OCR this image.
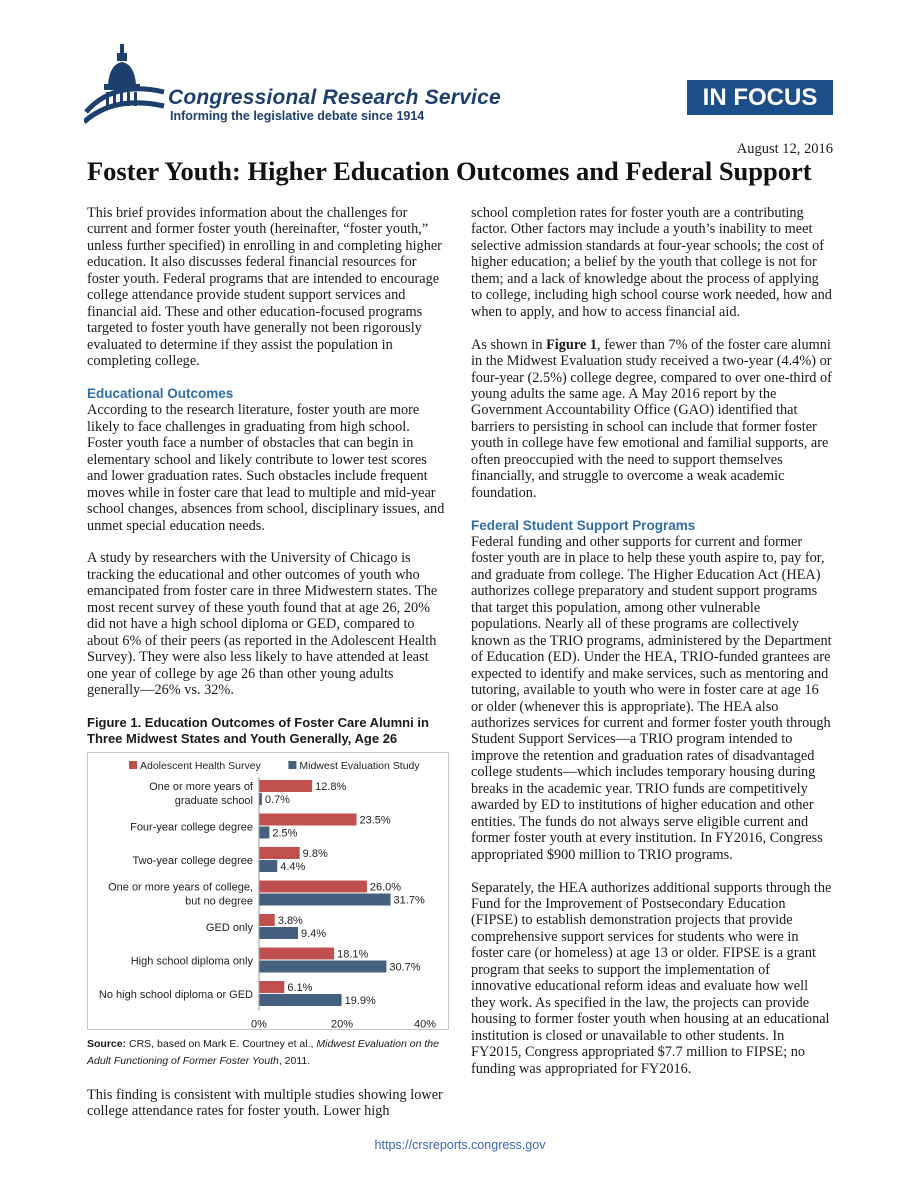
Congressional Research Service
Informing the legislative debate since 1914
IN FOCUS
August 12, 2016
Foster Youth: Higher Education Outcomes and Federal Support

This brief provides information about the challenges for current and former foster youth (hereinafter, “foster youth,” unless further specified) in enrolling in and completing higher education. It also discusses federal financial resources for foster youth. Federal programs that are intended to encourage college attendance provide student support services and financial aid. These and other education-focused programs targeted to foster youth have generally not been rigorously evaluated to determine if they assist the population in completing college.

Educational Outcomes

According to the research literature, foster youth are more likely to face challenges in graduating from high school. Foster youth face a number of obstacles that can begin in elementary school and likely contribute to lower test scores and lower graduation rates. Such obstacles include frequent moves while in foster care that lead to multiple and mid-year school changes, absences from school, disciplinary issues, and unmet special education needs.

A study by researchers with the University of Chicago is tracking the educational and other outcomes of youth who emancipated from foster care in three Midwestern states. The most recent survey of these youth found that at age 26, 20% did not have a high school diploma or GED, compared to about 6% of their peers (as reported in the Adolescent Health Survey). They were also less likely to have attended at least one year of college by age 26 than other young adults generally—26% vs. 32%.

Figure 1. Education Outcomes of Foster Care Alumni in Three Midwest States and Youth Generally, Age 26
Adolescent Health Survey	Midwest Evaluation Study
One or more years of
graduate school
12.8%
0.7%
Four-year college degree
23.5%
2.5%
Two-year college degree
9.8%
4.4%
One or more years of college,
but no degree
26.0%
31.7%
GED only
3.8%
9.4%
High school diploma only
18.1%
30.7%
No high school diploma or GED
6.1%
19.9%
0%	20%	40%
Source: CRS, based on Mark E. Courtney et al., Midwest Evaluation on the Adult Functioning of Former Foster Youth, 2011.

This finding is consistent with multiple studies showing lower college attendance rates for foster youth. Lower high

school completion rates for foster youth are a contributing factor. Other factors may include a youth’s inability to meet selective admission standards at four-year schools; the cost of higher education; a belief by the youth that college is not for them; and a lack of knowledge about the process of applying to college, including high school course work needed, how and when to apply, and how to access financial aid.

As shown in Figure 1, fewer than 7% of the foster care alumni in the Midwest Evaluation study received a two-year (4.4%) or four-year (2.5%) college degree, compared to over one-third of young adults the same age. A May 2016 report by the Government Accountability Office (GAO) identified that barriers to persisting in school can include that former foster youth in college have few emotional and familial supports, are often preoccupied with the need to support themselves financially, and struggle to overcome a weak academic foundation.

Federal Student Support Programs

Federal funding and other supports for current and former foster youth are in place to help these youth aspire to, pay for, and graduate from college. The Higher Education Act (HEA) authorizes college preparatory and student support programs that target this population, among other vulnerable populations. Nearly all of these programs are collectively known as the TRIO programs, administered by the Department of Education (ED). Under the HEA, TRIO-funded grantees are expected to identify and make services, such as mentoring and tutoring, available to youth who were in foster care at age 16 or older (whenever this is appropriate). The HEA also authorizes services for current and former foster youth through Student Support Services—a TRIO program intended to improve the retention and graduation rates of disadvantaged college students—which includes temporary housing during breaks in the academic year. TRIO funds are competitively awarded by ED to institutions of higher education and other entities. The funds do not always serve eligible current and former foster youth at every institution. In FY2016, Congress appropriated $900 million to TRIO programs.

Separately, the HEA authorizes additional supports through the Fund for the Improvement of Postsecondary Education (FIPSE) to establish demonstration projects that provide comprehensive support services for students who were in foster care (or homeless) at age 13 or older. FIPSE is a grant program that seeks to support the implementation of innovative educational reform ideas and evaluate how well they work. As specified in the law, the projects can provide housing to former foster youth when housing at an educational institution is closed or unavailable to other students. In FY2015, Congress appropriated $7.7 million to FIPSE; no funding was appropriated for FY2016.

https://crsreports.congress.gov
